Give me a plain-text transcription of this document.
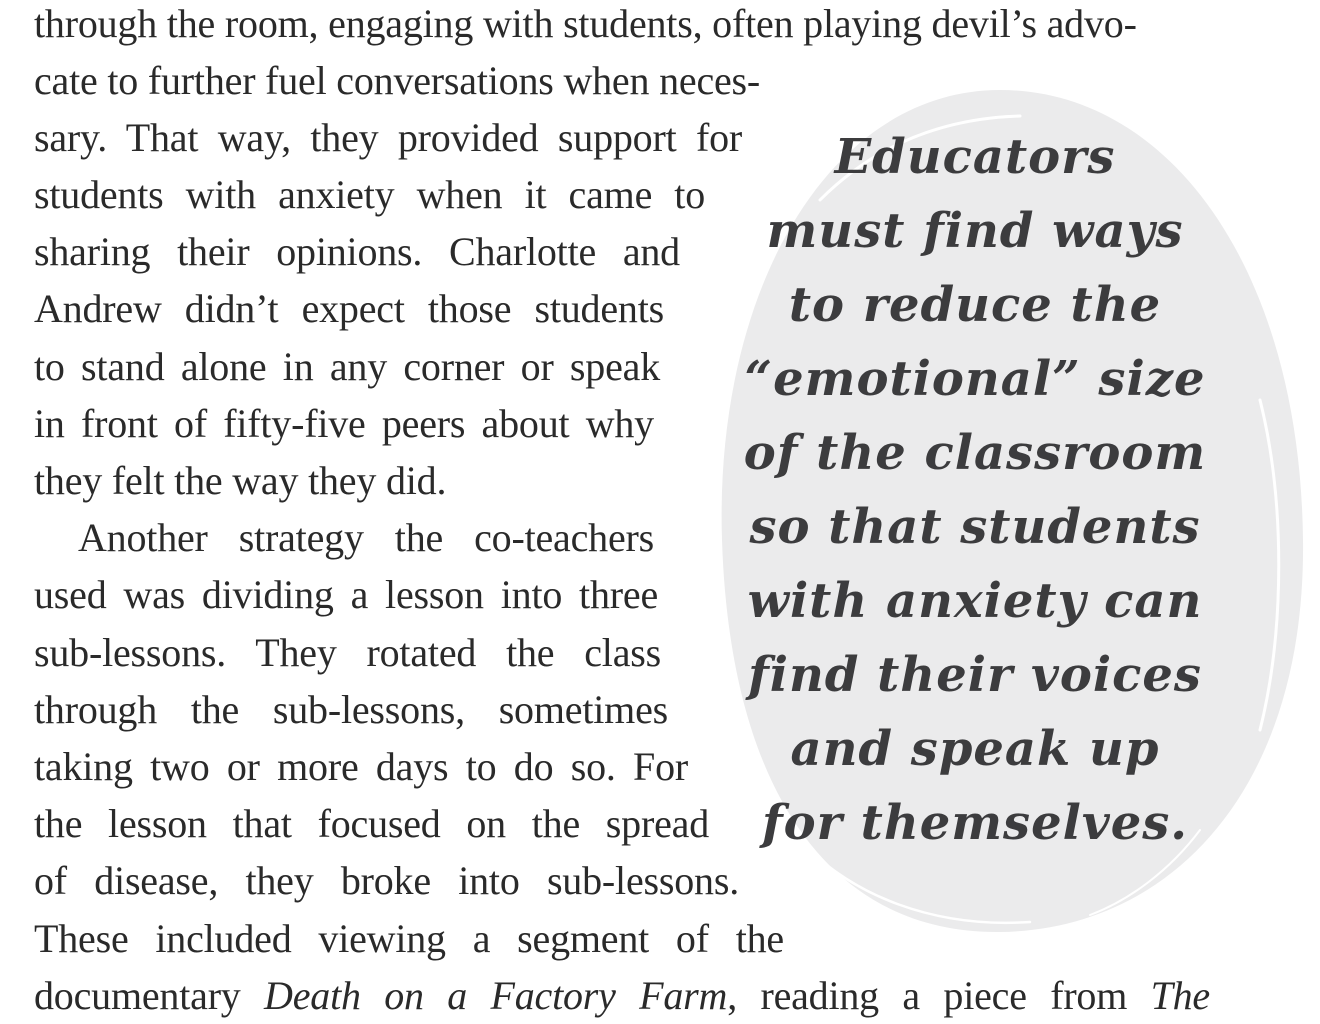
through the room, engaging with students, often playing devil’s advo-
cate to further fuel conversations when neces-
sary. That way, they provided support for
students with anxiety when it came to
sharing their opinions. Charlotte and
Andrew didn’t expect those students
to stand alone in any corner or speak
in front of fifty-five peers about why
they felt the way they did.
Another strategy the co-teachers
used was dividing a lesson into three
sub-lessons. They rotated the class
through the sub-lessons, sometimes
taking two or more days to do so. For
the lesson that focused on the spread
of disease, they broke into sub-lessons.
These included viewing a segment of the
documentary Death on a Factory Farm, reading a piece from The
Educators
must find ways
to reduce the
“emotional” size
of the classroom
so that students
with anxiety can
find their voices
and speak up
for themselves.
